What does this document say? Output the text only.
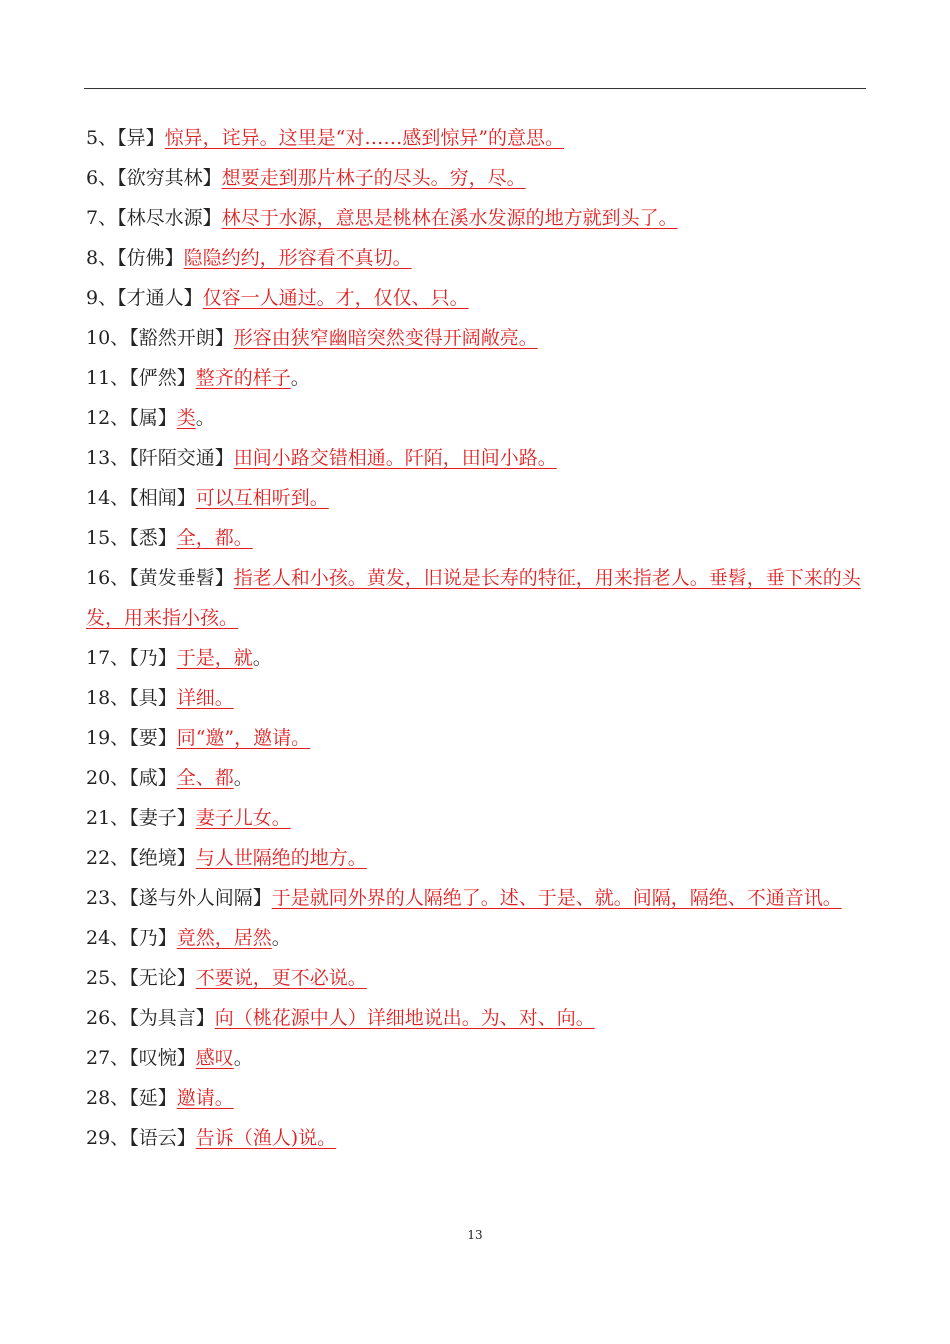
5、【异】惊异，诧异。这里是“对……感到惊异”的意思。
6、【欲穷其林】想要走到那片林子的尽头。穷，尽。
7、【林尽水源】林尽于水源，意思是桃林在溪水发源的地方就到头了。
8、【仿佛】隐隐约约，形容看不真切。
9、【才通人】仅容一人通过。才，仅仅、只。
10、【豁然开朗】形容由狭窄幽暗突然变得开阔敞亮。
11、【俨然】整齐的样子。
12、【属】类。
13、【阡陌交通】田间小路交错相通。阡陌，田间小路。
14、【相闻】可以互相听到。
15、【悉】全，都。
16、【黄发垂髫】指老人和小孩。黄发，旧说是长寿的特征，用来指老人。垂髫，垂下来的头发，用来指小孩。
17、【乃】于是，就。
18、【具】详细。
19、【要】同“邀”，邀请。
20、【咸】全、都。
21、【妻子】妻子儿女。
22、【绝境】与人世隔绝的地方。
23、【遂与外人间隔】于是就同外界的人隔绝了。述、于是、就。间隔，隔绝、不通音讯。
24、【乃】竟然，居然。
25、【无论】不要说，更不必说。
26、【为具言】向（桃花源中人）详细地说出。为、对、向。
27、【叹惋】感叹。
28、【延】邀请。
29、【语云】告诉（渔人)说。
13
